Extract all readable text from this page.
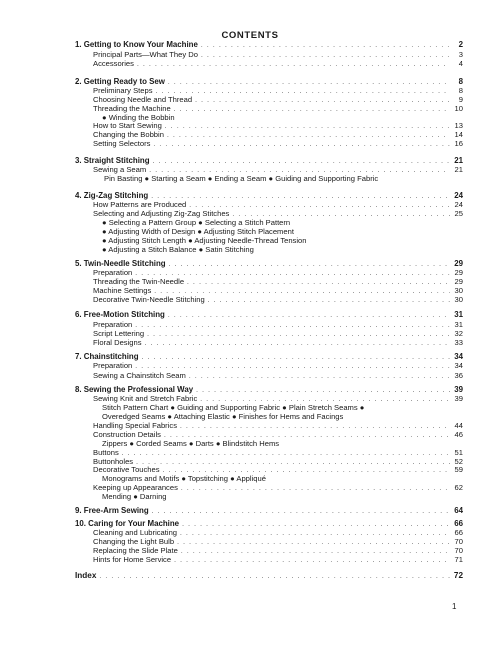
CONTENTS
1. Getting to Know Your Machine . . .	2
Principal Parts—What They Do . . .	3
Accessories . . .	4
2. Getting Ready to Sew . . .	8
Preliminary Steps . . .	8
Choosing Needle and Thread . . .	9
Threading the Machine . . .	10
● Winding the Bobbin
How to Start Sewing . . .	13
Changing the Bobbin . . .	14
Setting Selectors . . .	16
3. Straight Stitching . . .	21
Sewing a Seam . . .	21
Pin Basting ● Starting a Seam ● Ending a Seam ● Guiding and Supporting Fabric
4. Zig-Zag Stitching . . .	24
How Patterns are Produced . . .	24
Selecting and Adjusting Zig-Zag Stitches . . .	25
● Selecting a Pattern Group ● Selecting a Stitch Pattern
● Adjusting Width of Design ● Adjusting Stitch Placement
● Adjusting Stitch Length ● Adjusting Needle-Thread Tension
● Adjusting a Stitch Balance ● Satin Stitching
5. Twin-Needle Stitching . . .	29
Preparation . . .	29
Threading the Twin-Needle . . .	29
Machine Settings . . .	30
Decorative Twin-Needle Stitching . . .	30
6. Free-Motion Stitching . . .	31
Preparation . . .	31
Script Lettering . . .	32
Floral Designs . . .	33
7. Chainstitching . . .	34
Preparation . . .	34
Sewing a Chainstitch Seam . . .	36
8. Sewing the Professional Way . . .	39
Sewing Knit and Stretch Fabric . . .	39
Stitch Pattern Chart ● Guiding and Supporting Fabric ● Plain Stretch Seams ●
Overedged Seams ● Attaching Elastic ● Finishes for Hems and Facings
Handling Special Fabrics . . .	44
Construction Details . . .	46
Zippers ● Corded Seams ● Darts ● Blindstitch Hems
Buttons . . .	51
Buttonholes . . .	52
Decorative Touches . . .	59
Monograms and Motifs ● Topstitching ● Appliqué
Keeping up Appearances . . .	62
Mending ● Darning
9. Free-Arm Sewing . . .	64
10. Caring for Your Machine . . .	66
Cleaning and Lubricating . . .	66
Changing the Light Bulb . . .	70
Replacing the Slide Plate . . .	70
Hints for Home Service . . .	71
Index . . .	72
1
